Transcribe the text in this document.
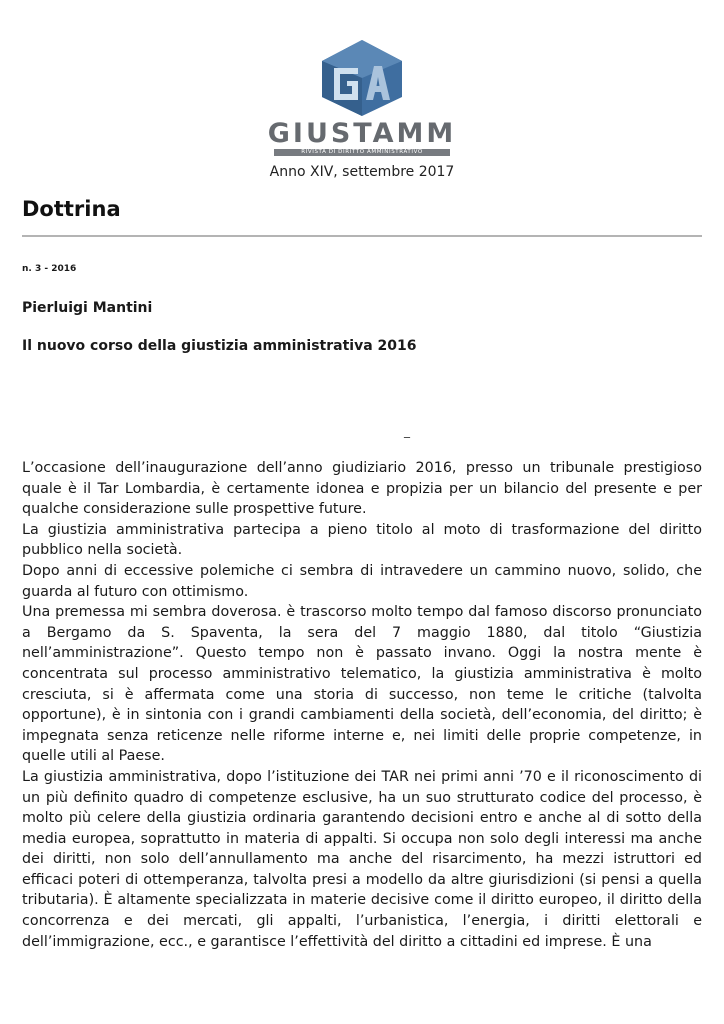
GIUSTAMM
RIVISTA DI DIRITTO AMMINISTRATIVO
Anno XIV, settembre 2017
Dottrina
n. 3 - 2016
Pierluigi Mantini
Il nuovo corso della giustizia amministrativa 2016
_

L’occasione dell’inaugurazione dell’anno giudiziario 2016, presso un tribunale prestigioso quale è il Tar Lombardia, è certamente idonea e propizia per un bilancio del presente e per qualche considerazione sulle prospettive future.

La giustizia amministrativa partecipa a pieno titolo al moto di trasformazione del diritto pubblico nella società.

Dopo anni di eccessive polemiche ci sembra di intravedere un cammino nuovo, solido, che guarda al futuro con ottimismo.

Una premessa mi sembra doverosa. è trascorso molto tempo dal famoso discorso pronunciato a Bergamo da S. Spaventa, la sera del 7 maggio 1880, dal titolo “Giustizia nell’amministrazione”. Questo tempo non è passato invano. Oggi la nostra mente è concentrata sul processo amministrativo telematico, la giustizia amministrativa è molto cresciuta, si è affermata come una storia di successo, non teme le critiche (talvolta opportune), è in sintonia con i grandi cambiamenti della società, dell’economia, del diritto; è impegnata senza reticenze nelle riforme interne e, nei limiti delle proprie competenze, in quelle utili al Paese.

La giustizia amministrativa, dopo l’istituzione dei TAR nei primi anni ’70 e il riconoscimento di un più definito quadro di competenze esclusive, ha un suo strutturato codice del processo, è molto più celere della giustizia ordinaria garantendo decisioni entro e anche al di sotto della media europea, soprattutto in materia di appalti. Si occupa non solo degli interessi ma anche dei diritti, non solo dell’annullamento ma anche del risarcimento, ha mezzi istruttori ed efficaci poteri di ottemperanza, talvolta presi a modello da altre giurisdizioni (si pensi a quella tributaria). È altamente specializzata in materie decisive come il diritto europeo, il diritto della concorrenza e dei mercati, gli appalti, l’urbanistica, l’energia, i diritti elettorali e dell’immigrazione, ecc., e garantisce l’effettività del diritto a cittadini ed imprese. È una
